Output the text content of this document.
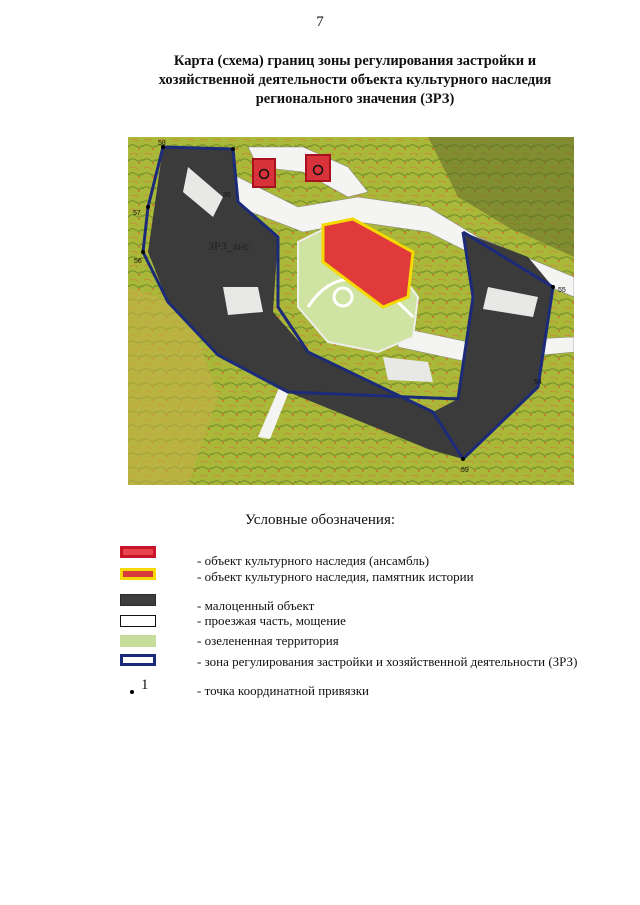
7
Карта (схема) границ зоны регулирования застройки и
хозяйственной деятельности объекта культурного наследия
регионального значения (ЗРЗ)
58
30
57
56
54
55
59
ЗРЗ_анс
Условные обозначения:
- объект культурного наследия (ансамбль)
- объект культурного наследия, памятник истории
- малоценный объект
- проезжая часть, мощение
- озелененная территория
- зона регулирования застройки и хозяйственной деятельности (ЗРЗ)
1	- точка координатной привязки
